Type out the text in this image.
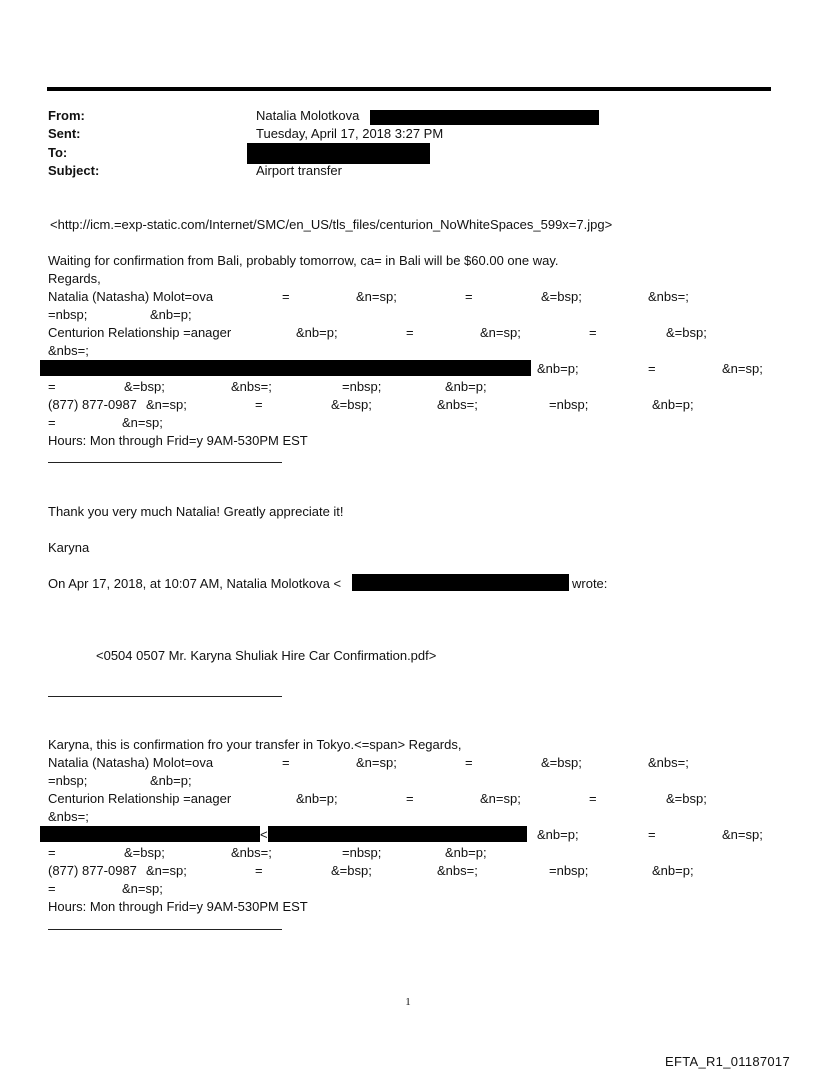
From:	Natalia Molotkova
Sent:	Tuesday, April 17, 2018 3:27 PM
To:
Subject:	Airport transfer
<http://icm.=exp-static.com/Internet/SMC/en_US/tls_files/centurion_NoWhiteSpaces_599x=7.jpg>
Waiting for confirmation from Bali, probably tomorrow, ca= in Bali will be $60.00 one way.
Regards,
Natalia (Natasha) Molot=ova	=	&n=sp;	=	&=bsp;	&nbs=;
=nbsp;	&nb=p;
Centurion Relationship =anager	&nb=p;	=	&n=sp;	=	&=bsp;
&nbs=;
&nb=p;	=	&n=sp;
=	&=bsp;	&nbs=;	=nbsp;	&nb=p;
(877) 877-0987 &n=sp;	=	&=bsp;	&nbs=;	=nbsp;	&nb=p;
=	&n=sp;
Hours: Mon through Frid=y 9AM-530PM EST
Thank you very much Natalia! Greatly appreciate it!
Karyna
On Apr 17, 2018, at 10:07 AM, Natalia Molotkova <	wrote:
<0504 0507 Mr. Karyna Shuliak Hire Car Confirmation.pdf>
Karyna, this is confirmation fro your transfer in Tokyo.<=span> Regards,
Natalia (Natasha) Molot=ova	=	&n=sp;	=	&=bsp;	&nbs=;
=nbsp;	&nb=p;
Centurion Relationship =anager	&nb=p;	=	&n=sp;	=	&=bsp;
&nbs=;
<	&nb=p;	=	&n=sp;
=	&=bsp;	&nbs=;	=nbsp;	&nb=p;
(877) 877-0987 &n=sp;	=	&=bsp;	&nbs=;	=nbsp;	&nb=p;
=	&n=sp;
Hours: Mon through Frid=y 9AM-530PM EST
1
EFTA_R1_01187017
